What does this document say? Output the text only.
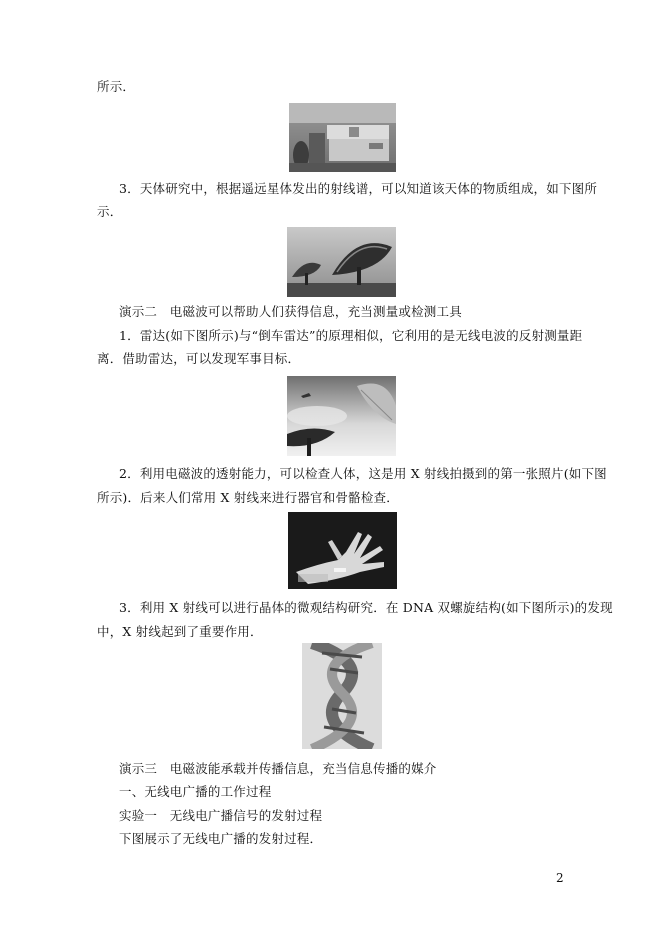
所示．
3．天体研究中，根据遥远星体发出的射线谱，可以知道该天体的物质组成，如下图所
示．
演示二　电磁波可以帮助人们获得信息，充当测量或检测工具
1．雷达(如下图所示)与“倒车雷达”的原理相似，它利用的是无线电波的反射测量距
离．借助雷达，可以发现军事目标．
2．利用电磁波的透射能力，可以检查人体，这是用 X 射线拍摄到的第一张照片(如下图
所示)．后来人们常用 X 射线来进行器官和骨骼检查．
3．利用 X 射线可以进行晶体的微观结构研究．在 DNA 双螺旋结构(如下图所示)的发现
中，X 射线起到了重要作用．
演示三　电磁波能承载并传播信息，充当信息传播的媒介
一、无线电广播的工作过程
实验一　无线电广播信号的发射过程
下图展示了无线电广播的发射过程．
2
